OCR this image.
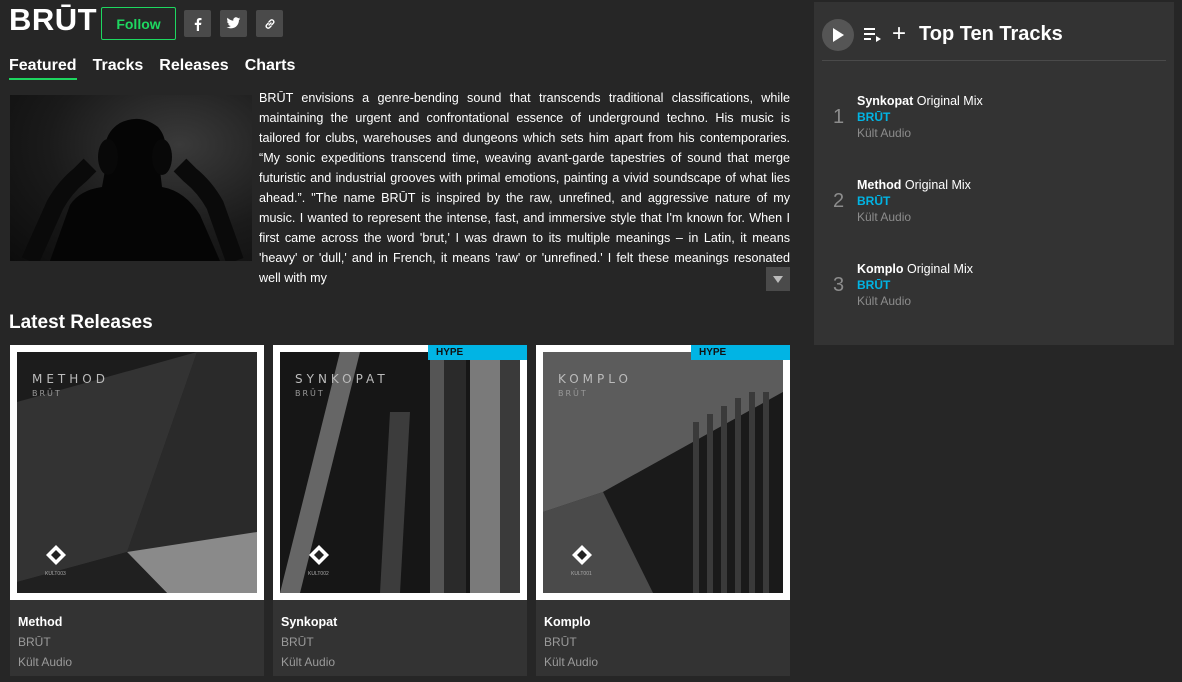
BRŪT	Follow
Featured Tracks Releases Charts
BRŪT envisions a genre-bending sound that transcends traditional classifications, while maintaining the urgent and confrontational essence of underground techno. His music is tailored for clubs, warehouses and dungeons which sets him apart from his contemporaries. “My sonic expeditions transcend time, weaving avant-garde tapestries of sound that merge futuristic and industrial grooves with primal emotions, painting a vivid soundscape of what lies ahead.”. "The name BRŪT is inspired by the raw, unrefined, and aggressive nature of my music. I wanted to represent the intense, fast, and immersive style that I'm known for. When I first came across the word 'brut,' I was drawn to its multiple meanings – in Latin, it means 'heavy' or 'dull,' and in French, it means 'raw' or 'unrefined.' I felt these meanings resonated well with my
Latest Releases
METHOD
BRŪT
KULT003
Method
BRŪT
Kült Audio
HYPE
SYNKOPAT
BRŪT
KULT002
Synkopat
BRŪT
Kült Audio
HYPE
KOMPLO
BRŪT
KULT001
Komplo
BRŪT
Kült Audio
+ Top Ten Tracks
1
Synkopat Original Mix
BRŪT
Kült Audio
2
Method Original Mix
BRŪT
Kült Audio
3
Komplo Original Mix
BRŪT
Kült Audio
